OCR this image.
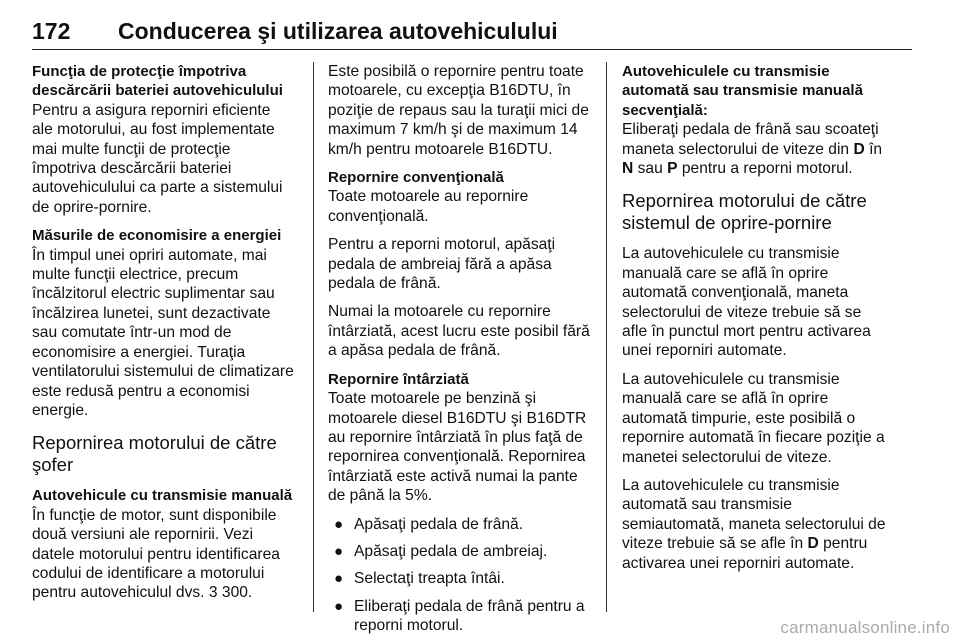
172	Conducerea şi utilizarea autovehiculului
Funcţia de protecţie împotriva descărcării bateriei autovehiculului
Pentru a asigura reporniri eficiente ale motorului, au fost implementate mai multe funcţii de protecţie împotriva descărcării bateriei autovehiculului ca parte a sistemului de oprire-pornire.
Măsurile de economisire a energiei
În timpul unei opriri automate, mai multe funcţii electrice, precum încălzitorul electric suplimentar sau încălzirea lunetei, sunt dezactivate sau comutate într-un mod de economisire a energiei. Turaţia ventilatorului sistemului de climatizare este redusă pentru a economisi energie.
Repornirea motorului de către şofer
Autovehicule cu transmisie manuală
În funcţie de motor, sunt disponibile două versiuni ale repornirii. Vezi datele motorului pentru identificarea codului de identificare a motorului pentru autovehiculul dvs. 3 300.
Este posibilă o repornire pentru toate motoarele, cu excepţia B16DTU, în poziţie de repaus sau la turaţii mici de maximum 7 km/h şi de maximum 14 km/h pentru motoarele B16DTU.
Repornire convenţională
Toate motoarele au repornire convenţională.
Pentru a reporni motorul, apăsaţi pedala de ambreiaj fără a apăsa pedala de frână.
Numai la motoarele cu repornire întârziată, acest lucru este posibil fără a apăsa pedala de frână.
Repornire întârziată
Toate motoarele pe benzină şi motoarele diesel B16DTU şi B16DTR au repornire întârziată în plus faţă de repornirea convenţională. Repornirea întârziată este activă numai la pante de până la 5%.
● Apăsaţi pedala de frână.
● Apăsaţi pedala de ambreiaj.
● Selectaţi treapta întâi.
● Eliberaţi pedala de frână pentru a reporni motorul.
Autovehiculele cu transmisie automată sau transmisie manuală secvenţială:
Eliberaţi pedala de frână sau scoateţi maneta selectorului de viteze din D în N sau P pentru a reporni motorul.
Repornirea motorului de către sistemul de oprire-pornire
La autovehiculele cu transmisie manuală care se află în oprire automată convenţională, maneta selectorului de viteze trebuie să se afle în punctul mort pentru activarea unei reporniri automate.
La autovehiculele cu transmisie manuală care se află în oprire automată timpurie, este posibilă o repornire automată în fiecare poziţie a manetei selectorului de viteze.
La autovehiculele cu transmisie automată sau transmisie semiautomată, maneta selectorului de viteze trebuie să se afle în D pentru activarea unei reporniri automate.
carmanualsonline.info
